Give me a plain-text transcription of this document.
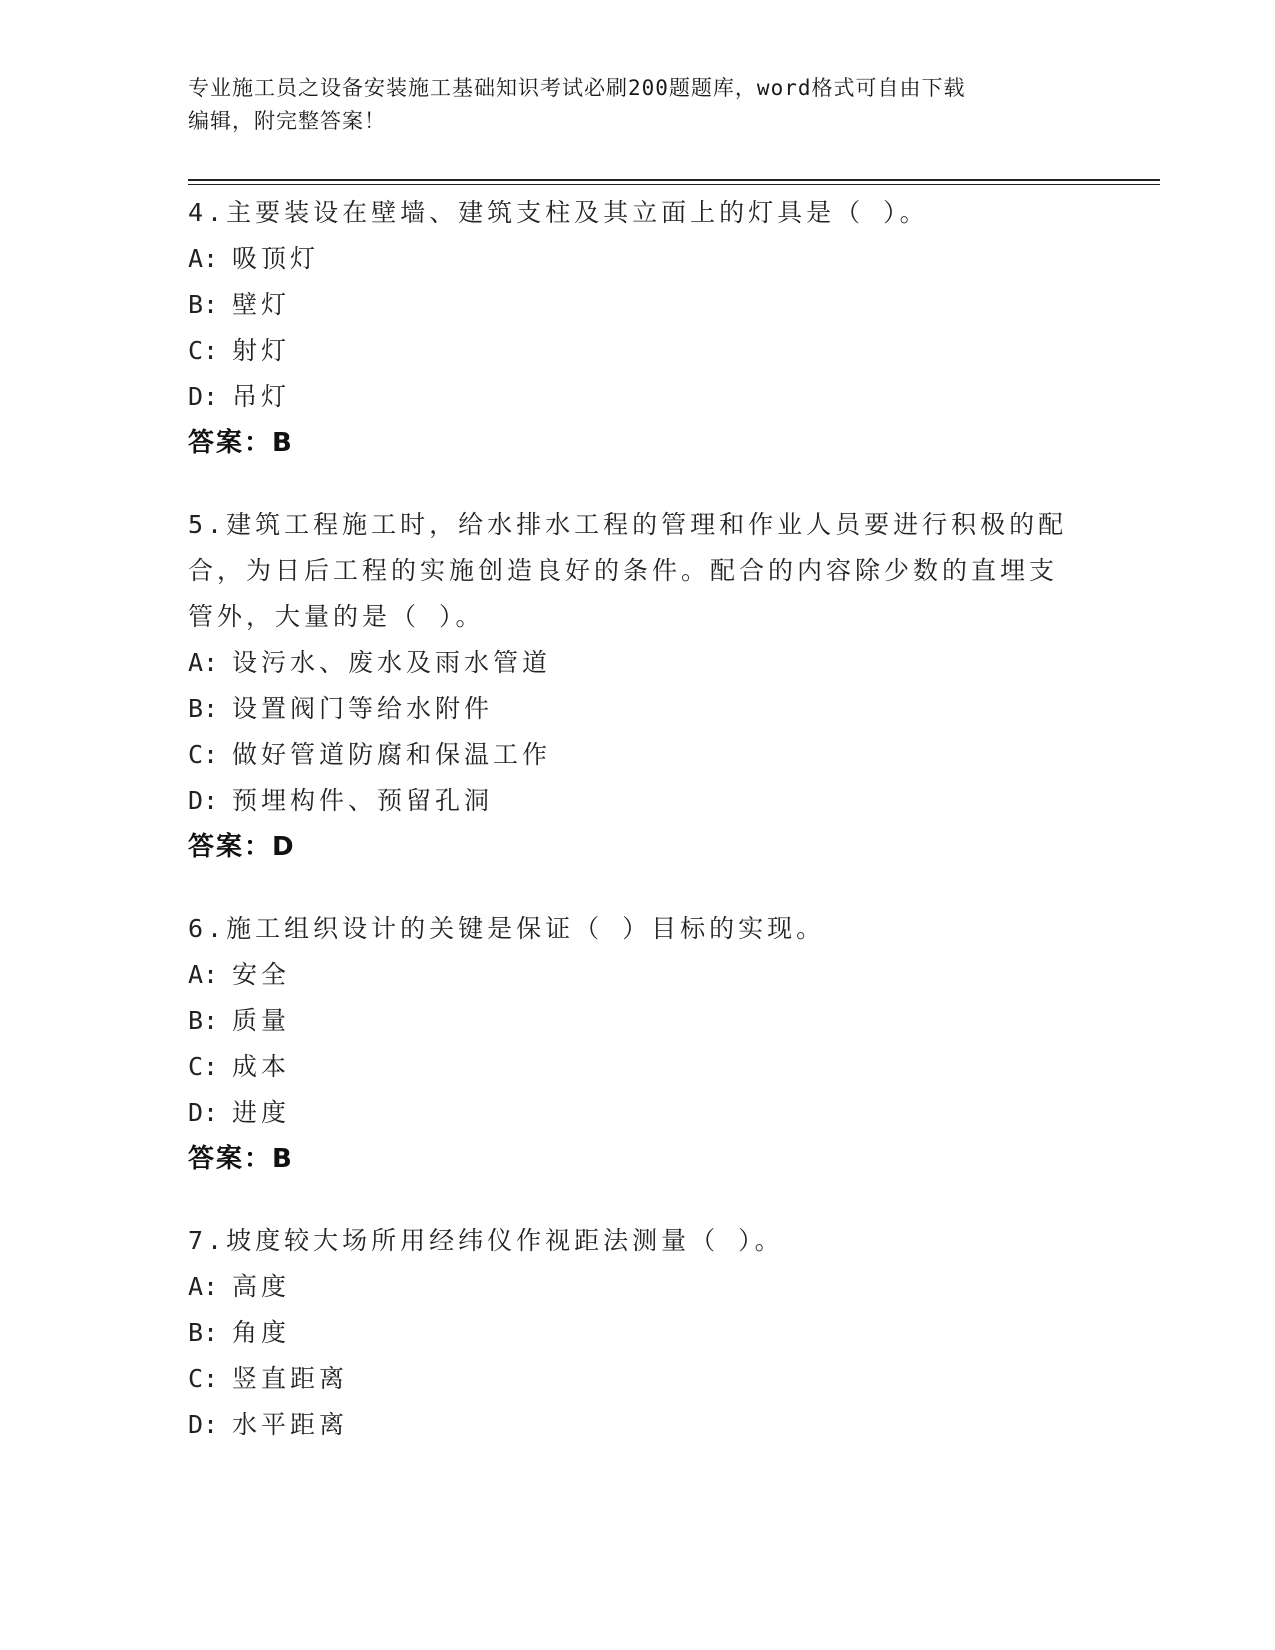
专业施工员之设备安装施工基础知识考试必刷200题题库，word格式可自由下载
编辑，附完整答案！
4.主要装设在壁墙、建筑支柱及其立面上的灯具是（ ）。
A: 吸顶灯
B: 壁灯
C: 射灯
D: 吊灯
答案：B
5.建筑工程施工时，给水排水工程的管理和作业人员要进行积极的配合，为日后工程的实施创造良好的条件。配合的内容除少数的直埋支管外，大量的是（ ）。
A: 设污水、废水及雨水管道
B: 设置阀门等给水附件
C: 做好管道防腐和保温工作
D: 预埋构件、预留孔洞
答案：D
6.施工组织设计的关键是保证（ ）目标的实现。
A: 安全
B: 质量
C: 成本
D: 进度
答案：B
7.坡度较大场所用经纬仪作视距法测量（ ）。
A: 高度
B: 角度
C: 竖直距离
D: 水平距离
